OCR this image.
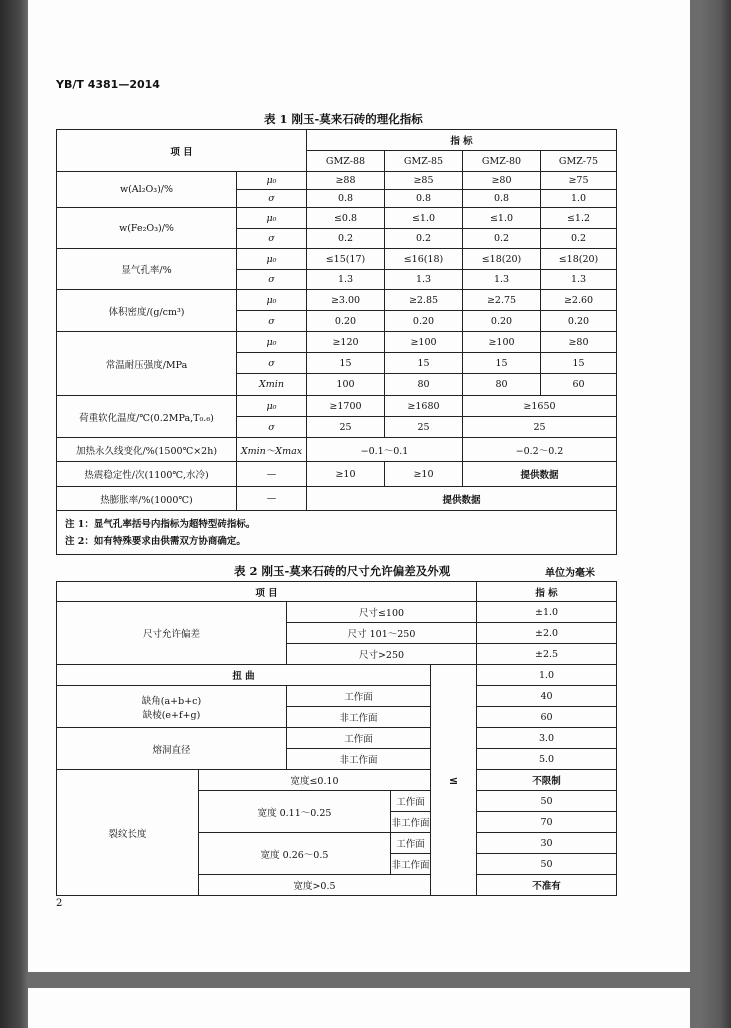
YB/T 4381—2014
表 1 刚玉-莫来石砖的理化指标
项 目		指 标			
		GMZ-88	GMZ-85	GMZ-80	GMZ-75
w(Al₂O₃)/%	μ₀	≥88	≥85	≥80	≥75
	σ	0.8	0.8	0.8	1.0
w(Fe₂O₃)/%	μ₀	≤0.8	≤1.0	≤1.0	≤1.2
	σ	0.2	0.2	0.2	0.2
显气孔率/%	μ₀	≤15(17)	≤16(18)	≤18(20)	≤18(20)
	σ	1.3	1.3	1.3	1.3
体积密度/(g/cm³)	μ₀	≥3.00	≥2.85	≥2.75	≥2.60
	σ	0.20	0.20	0.20	0.20
常温耐压强度/MPa	μ₀	≥120	≥100	≥100	≥80
	σ	15	15	15	15
	Xmin	100	80	80	60
荷重软化温度/℃(0.2MPa,T₀.₆)	μ₀	≥1700	≥1680	≥1650	
	σ	25	25	25	
加热永久线变化/%(1500℃×2h)	Xmin～Xmax	−0.1～0.1		−0.2～0.2	
热震稳定性/次(1100℃,水冷)	—	≥10	≥10	提供数据	
热膨胀率/%(1000℃)	—	提供数据			

注 1：显气孔率括号内指标为超特型砖指标。
注 2：如有特殊要求由供需双方协商确定。					
表 2 刚玉-莫来石砖的尺寸允许偏差及外观	单位为毫米
项 目					指 标
尺寸允许偏差		尺寸≤100			±1.0
		尺寸 101～250			±2.0
		尺寸>250			±2.5
扭 曲				≤	1.0

缺角(a+b+c)
缺棱(e+f+g)		工作面			40
		非工作面			60
熔洞直径		工作面			3.0
		非工作面			5.0
裂纹长度	宽度≤0.10				不限制
	宽度 0.11～0.25		工作面		50
			非工作面		70
	宽度 0.26～0.5		工作面		30
			非工作面		50
	宽度>0.5				不准有
2
